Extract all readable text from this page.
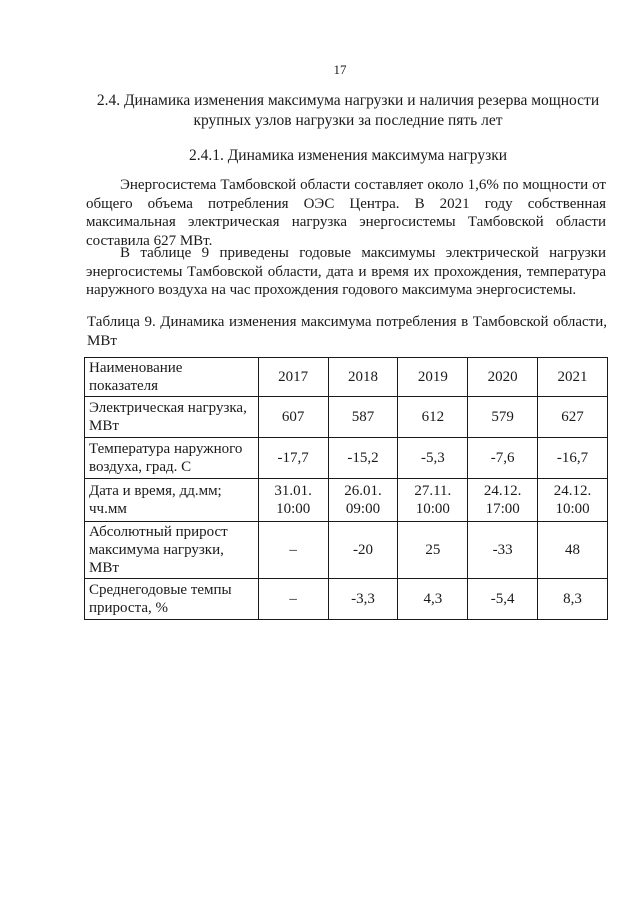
17
2.4. Динамика изменения максимума нагрузки и наличия резерва мощности крупных узлов нагрузки за последние пять лет
2.4.1. Динамика изменения максимума нагрузки

Энергосистема Тамбовской области составляет около 1,6% по мощности от общего объема потребления ОЭС Центра. В 2021 году собственная максимальная электрическая нагрузка энергосистемы Тамбовской области составила 627 МВт.

В таблице 9 приведены годовые максимумы электрической нагрузки энергосистемы Тамбовской области, дата и время их прохождения, температура наружного воздуха на час прохождения годового максимума энергосистемы.

Таблица 9. Динамика изменения максимума потребления в Тамбовской области, МВт
Наименование показателя	2017	2018	2019	2020	2021
Электрическая нагрузка, МВт	607	587	612	579	627
Температура наружного воздуха, град. С	-17,7	-15,2	-5,3	-7,6	-16,7
Дата и время, дд.мм; чч.мм	31.01. 10:00	26.01. 09:00	27.11. 10:00	24.12. 17:00	24.12. 10:00
Абсолютный прирост максимума нагрузки, МВт	–	-20	25	-33	48
Среднегодовые темпы прироста, %	–	-3,3	4,3	-5,4	8,3
